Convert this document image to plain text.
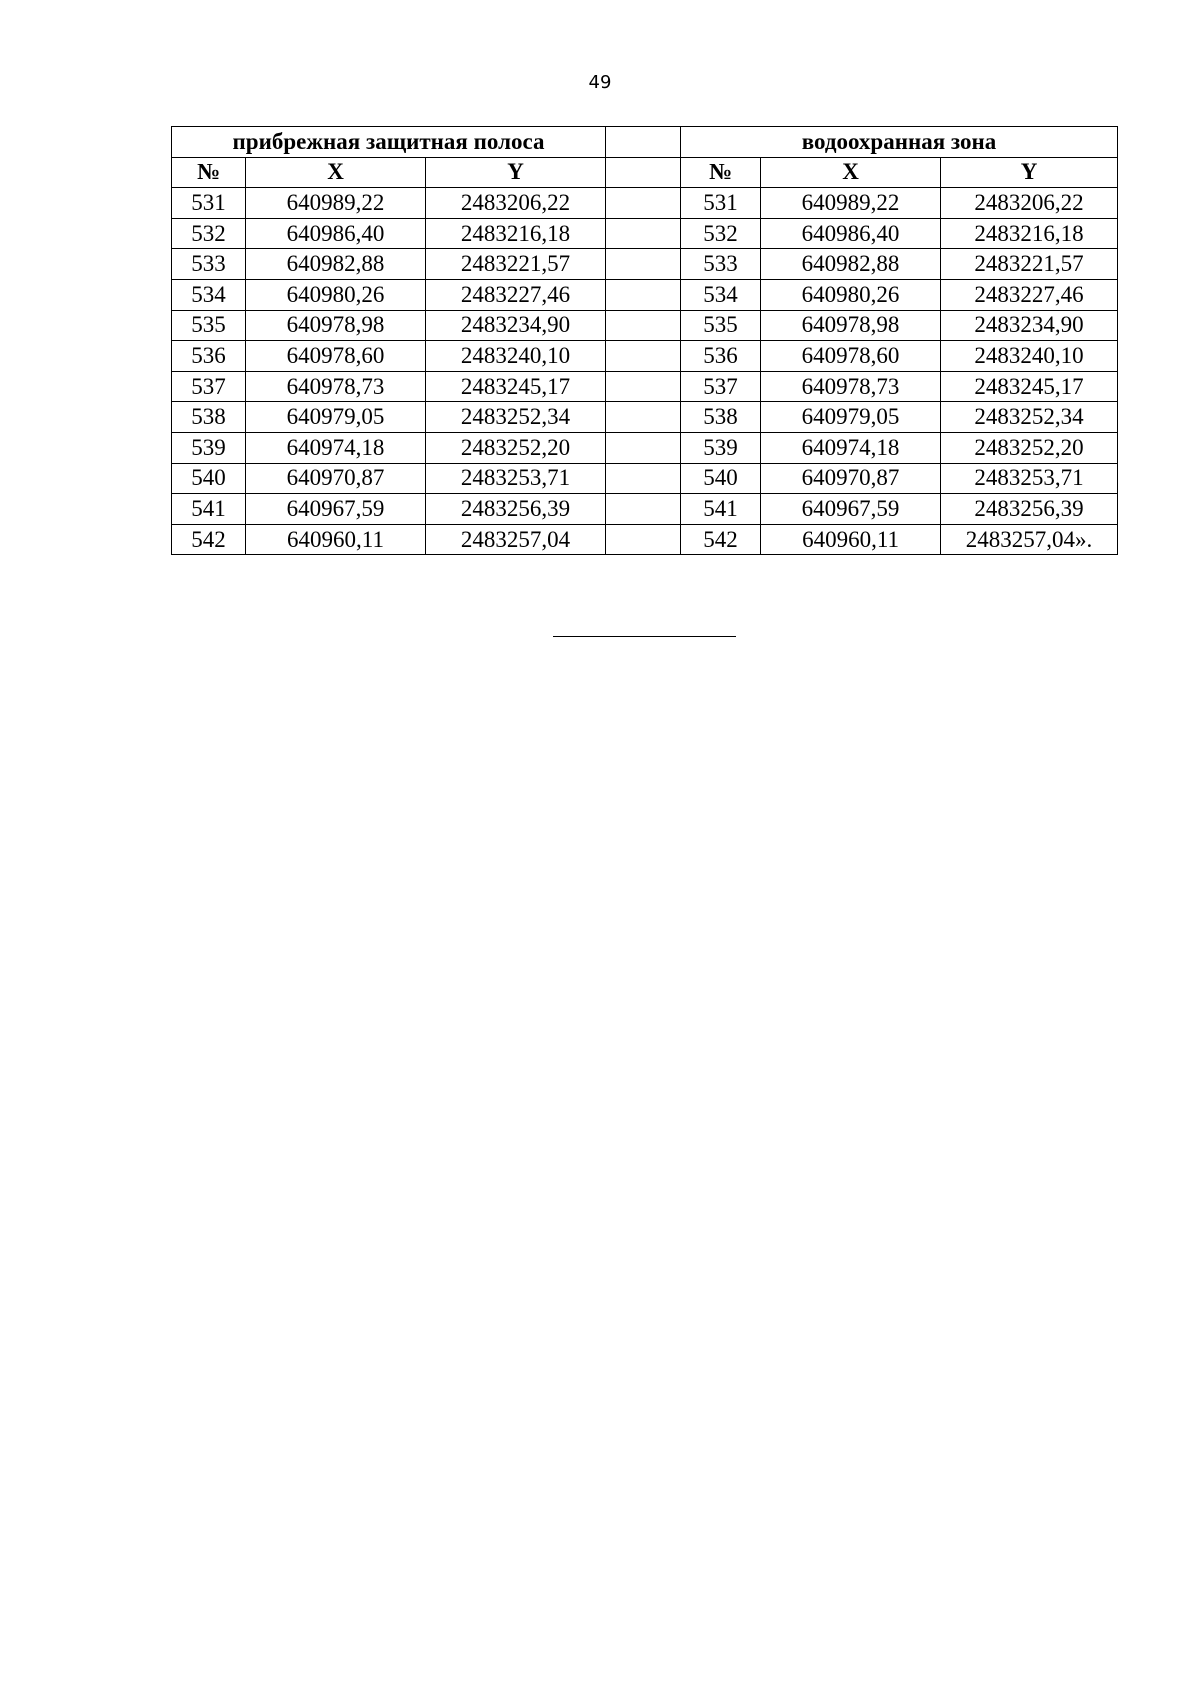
49
прибрежная защитная полоса				водоохранная зона		
№	X	Y		№	X	Y
531	640989,22	2483206,22		531	640989,22	2483206,22
532	640986,40	2483216,18		532	640986,40	2483216,18
533	640982,88	2483221,57		533	640982,88	2483221,57
534	640980,26	2483227,46		534	640980,26	2483227,46
535	640978,98	2483234,90		535	640978,98	2483234,90
536	640978,60	2483240,10		536	640978,60	2483240,10
537	640978,73	2483245,17		537	640978,73	2483245,17
538	640979,05	2483252,34		538	640979,05	2483252,34
539	640974,18	2483252,20		539	640974,18	2483252,20
540	640970,87	2483253,71		540	640970,87	2483253,71
541	640967,59	2483256,39		541	640967,59	2483256,39
542	640960,11	2483257,04		542	640960,11	2483257,04».
